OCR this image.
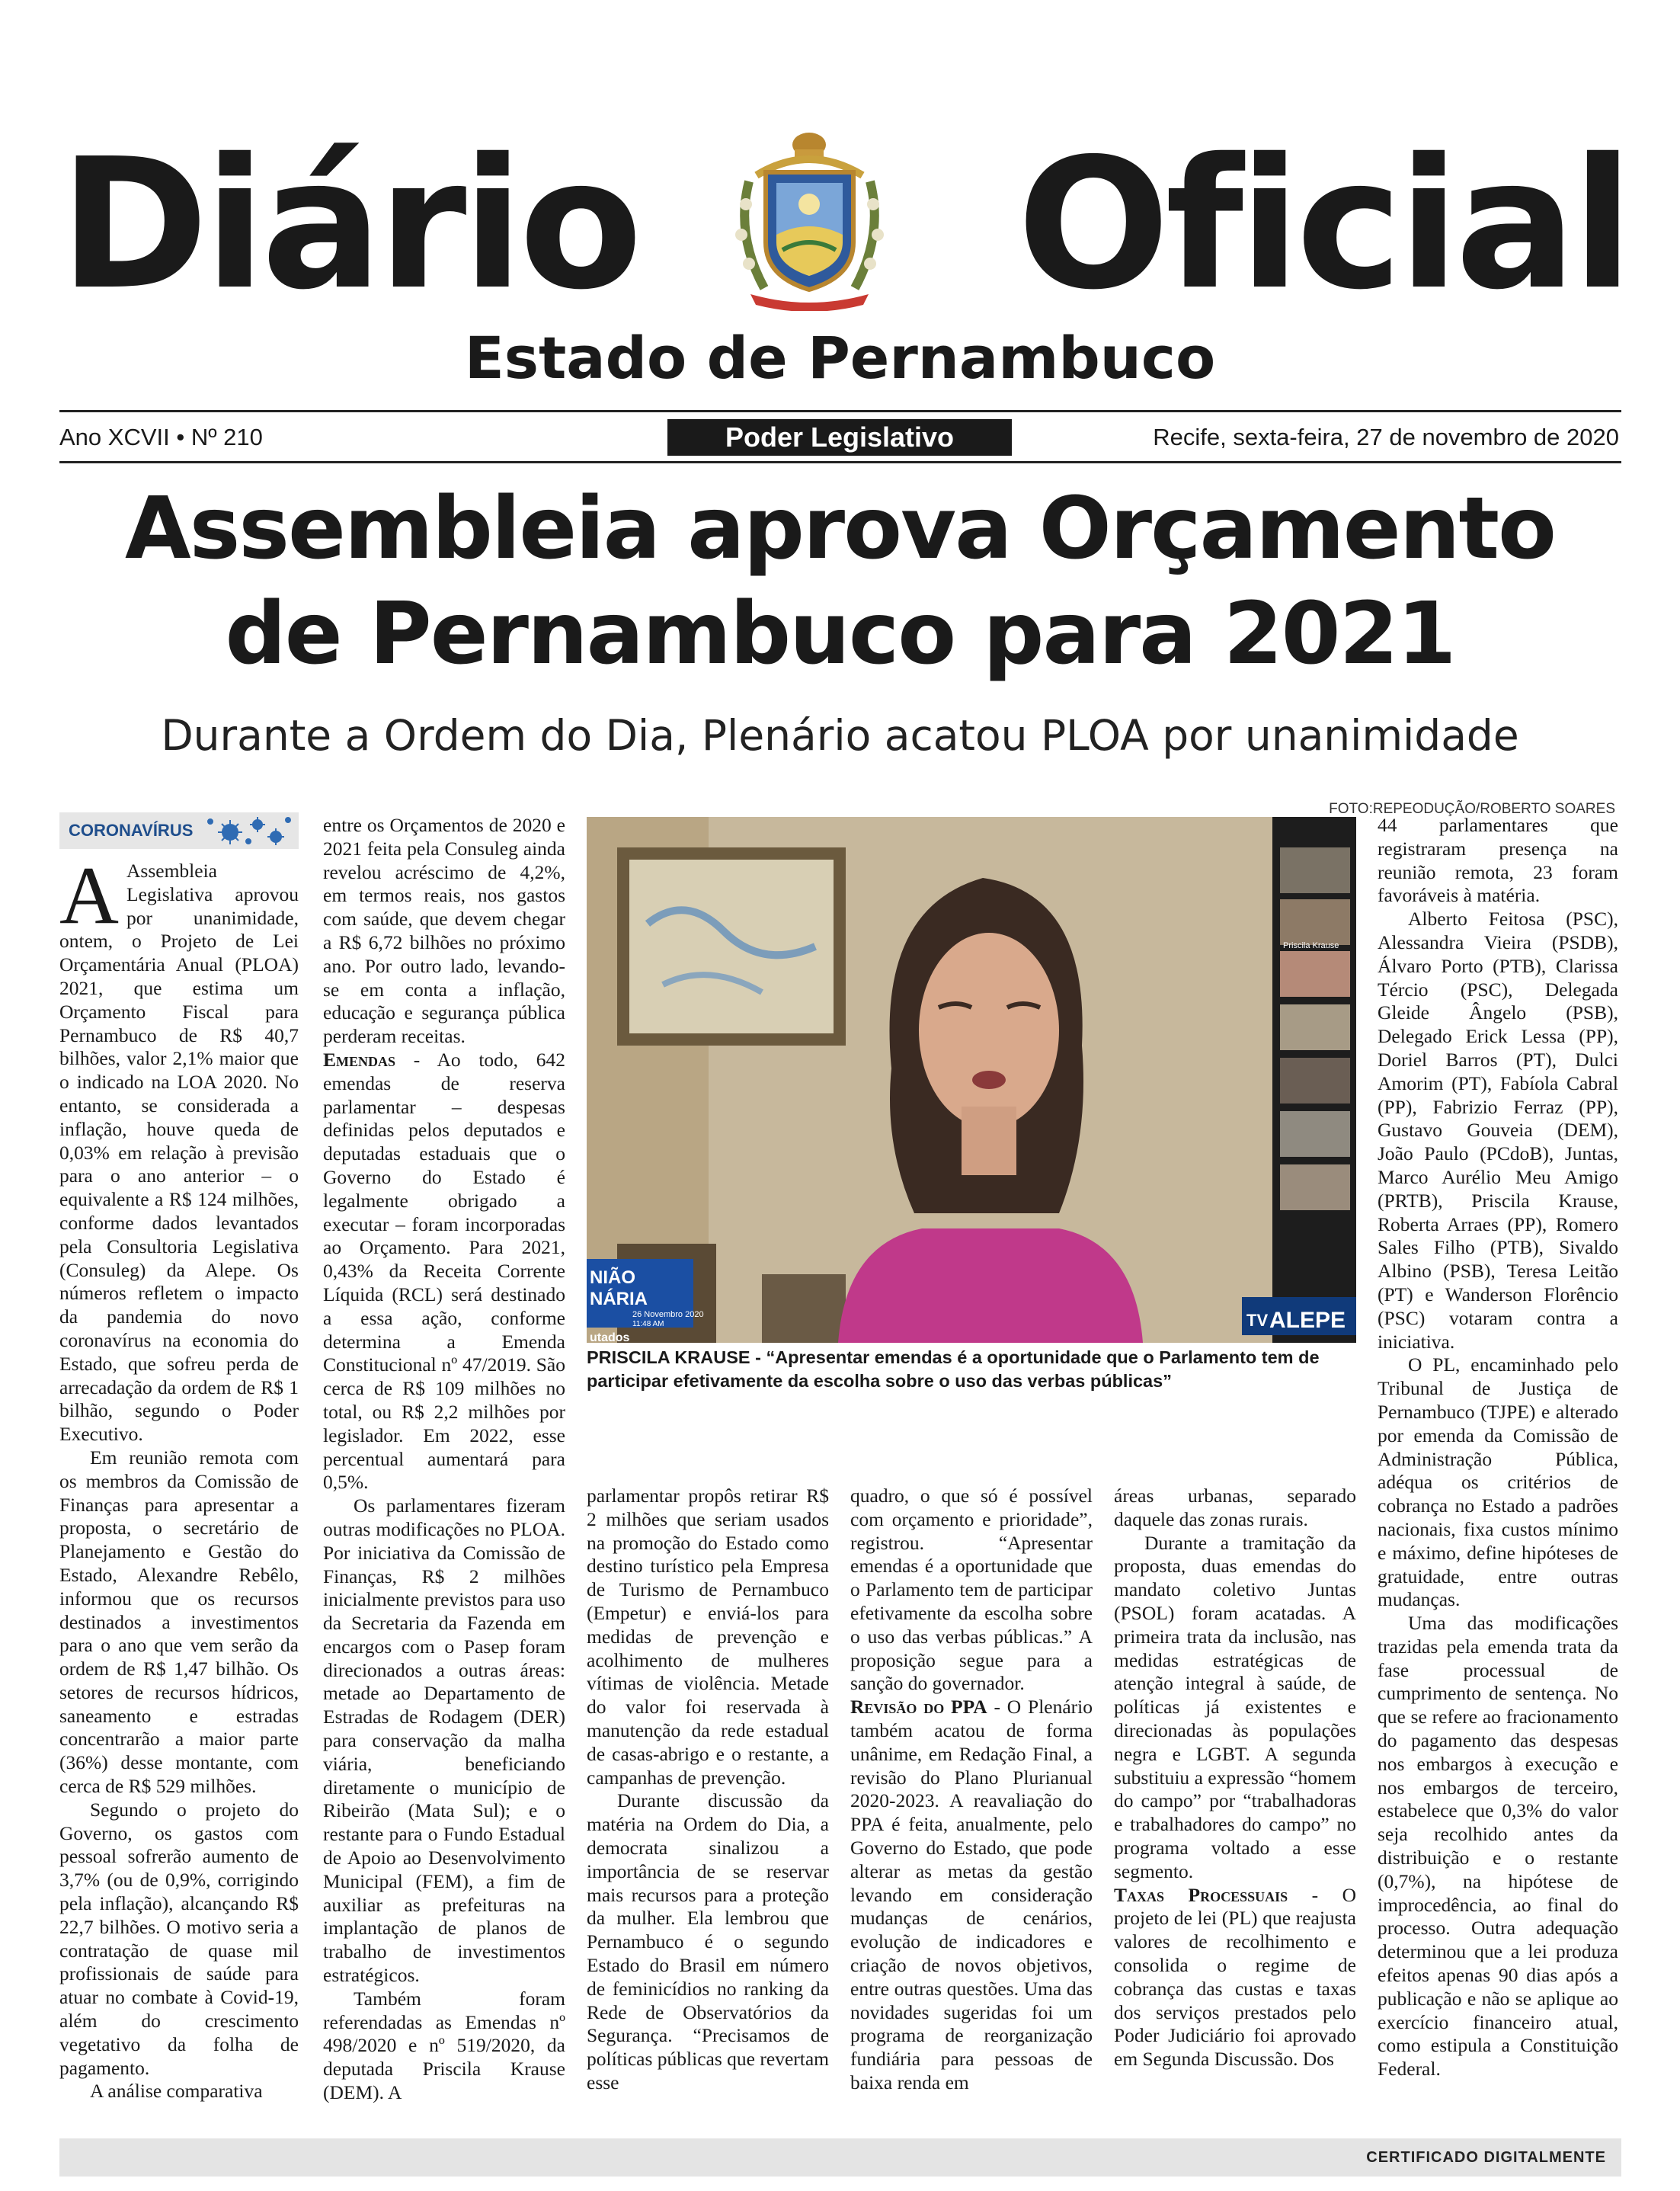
Diário Oficial
Estado de Pernambuco
Ano XCVII • Nº 210	Poder Legislativo	Recife, sexta-feira, 27 de novembro de 2020
Assembleia aprova Orçamento
de Pernambuco para 2021
Durante a Ordem do Dia, Plenário acatou PLOA por unanimidade
CORONAVÍRUS

A Assembleia Legislativa aprovou por unanimidade, ontem, o Projeto de Lei Orçamentária Anual (PLOA) 2021, que estima um Orçamento Fiscal para Pernambuco de R$ 40,7 bilhões, valor 2,1% maior que o indicado na LOA 2020. No entanto, se considerada a inflação, houve queda de 0,03% em relação à previsão para o ano anterior – o equivalente a R$ 124 milhões, conforme dados levantados pela Consultoria Legislativa (Consuleg) da Alepe. Os números refletem o impacto da pandemia do novo coronavírus na economia do Estado, que sofreu perda de arrecadação da ordem de R$ 1 bilhão, segundo o Poder Executivo.

Em reunião remota com os membros da Comissão de Finanças para apresentar a proposta, o secretário de Planejamento e Gestão do Estado, Alexandre Rebêlo, informou que os recursos destinados a investimentos para o ano que vem serão da ordem de R$ 1,47 bilhão. Os setores de recursos hídricos, saneamento e estradas concentrarão a maior parte (36%) desse montante, com cerca de R$ 529 milhões.

Segundo o projeto do Governo, os gastos com pessoal sofrerão aumento de 3,7% (ou de 0,9%, corrigindo pela inflação), alcançando R$ 22,7 bilhões. O motivo seria a contratação de quase mil profissionais de saúde para atuar no combate à Covid-19, além do crescimento vegetativo da folha de pagamento.

A análise comparativa

entre os Orçamentos de 2020 e 2021 feita pela Consuleg ainda revelou acréscimo de 4,2%, em termos reais, nos gastos com saúde, que devem chegar a R$ 6,72 bilhões no próximo ano. Por outro lado, levando-se em conta a inflação, educação e segurança pública perderam receitas.

Emendas - Ao todo, 642 emendas de reserva parlamentar – despesas definidas pelos deputados e deputadas estaduais que o Governo do Estado é legalmente obrigado a executar – foram incorporadas ao Orçamento. Para 2021, 0,43% da Receita Corrente Líquida (RCL) será destinado a essa ação, conforme determina a Emenda Constitucional nº 47/2019. São cerca de R$ 109 milhões no total, ou R$ 2,2 milhões por legislador. Em 2022, esse percentual aumentará para 0,5%.

Os parlamentares fizeram outras modificações no PLOA. Por iniciativa da Comissão de Finanças, R$ 2 milhões inicialmente previstos para uso da Secretaria da Fazenda em encargos com o Pasep foram direcionados a outras áreas: metade ao Departamento de Estradas de Rodagem (DER) para conservação da malha viária, beneficiando diretamente o município de Ribeirão (Mata Sul); e o restante para o Fundo Estadual de Apoio ao Desenvolvimento Municipal (FEM), a fim de auxiliar as prefeituras na implantação de planos de trabalho de investimentos estratégicos.

Também foram referendadas as Emendas nº 498/2020 e nº 519/2020, da deputada Priscila Krause (DEM). A

FOTO:REPEODUÇÃO/ROBERTO SOARES
Priscila Krause
NIÃO
NÁRIA
26 Novembro 2020
11:48 AM
utados
TV ALEPE
PRISCILA KRAUSE - “Apresentar emendas é a oportunidade que o Parlamento tem de participar efetivamente da escolha sobre o uso das verbas públicas”

parlamentar propôs retirar R$ 2 milhões que seriam usados na promoção do Estado como destino turístico pela Empresa de Turismo de Pernambuco (Empetur) e enviá-los para medidas de prevenção e acolhimento de mulheres vítimas de violência. Metade do valor foi reservada à manutenção da rede estadual de casas-abrigo e o restante, a campanhas de prevenção.

Durante discussão da matéria na Ordem do Dia, a democrata sinalizou a importância de se reservar mais recursos para a proteção da mulher. Ela lembrou que Pernambuco é o segundo Estado do Brasil em número de feminicídios no ranking da Rede de Observatórios da Segurança. “Precisamos de políticas públicas que revertam esse

quadro, o que só é possível com orçamento e prioridade”, registrou. “Apresentar emendas é a oportunidade que o Parlamento tem de participar efetivamente da escolha sobre o uso das verbas públicas.” A proposição segue para a sanção do governador.

Revisão do PPA - O Plenário também acatou de forma unânime, em Redação Final, a revisão do Plano Plurianual 2020-2023. A reavaliação do PPA é feita, anualmente, pelo Governo do Estado, que pode alterar as metas da gestão levando em consideração mudanças de cenários, evolução de indicadores e criação de novos objetivos, entre outras questões. Uma das novidades sugeridas foi um programa de reorganização fundiária para pessoas de baixa renda em

áreas urbanas, separado daquele das zonas rurais.

Durante a tramitação da proposta, duas emendas do mandato coletivo Juntas (PSOL) foram acatadas. A primeira trata da inclusão, nas medidas estratégicas de atenção integral à saúde, de políticas já existentes e direcionadas às populações negra e LGBT. A segunda substituiu a expressão “homem do campo” por “trabalhadoras e trabalhadores do campo” no programa voltado a esse segmento.

Taxas Processuais - O projeto de lei (PL) que reajusta valores de recolhimento e consolida o regime de cobrança das custas e taxas dos serviços prestados pelo Poder Judiciário foi aprovado em Segunda Discussão. Dos

44 parlamentares que registraram presença na reunião remota, 23 foram favoráveis à matéria.

Alberto Feitosa (PSC), Alessandra Vieira (PSDB), Álvaro Porto (PTB), Clarissa Tércio (PSC), Delegada Gleide Ângelo (PSB), Delegado Erick Lessa (PP), Doriel Barros (PT), Dulci Amorim (PT), Fabíola Cabral (PP), Fabrizio Ferraz (PP), Gustavo Gouveia (DEM), João Paulo (PCdoB), Juntas, Marco Aurélio Meu Amigo (PRTB), Priscila Krause, Roberta Arraes (PP), Romero Sales Filho (PTB), Sivaldo Albino (PSB), Teresa Leitão (PT) e Wanderson Florêncio (PSC) votaram contra a iniciativa.

O PL, encaminhado pelo Tribunal de Justiça de Pernambuco (TJPE) e alterado por emenda da Comissão de Administração Pública, adéqua os critérios de cobrança no Estado a padrões nacionais, fixa custos mínimo e máximo, define hipóteses de gratuidade, entre outras mudanças.

Uma das modificações trazidas pela emenda trata da fase processual de cumprimento de sentença. No que se refere ao fracionamento do pagamento das despesas nos embargos à execução e nos embargos de terceiro, estabelece que 0,3% do valor seja recolhido antes da distribuição e o restante (0,7%), na hipótese de improcedência, ao final do processo. Outra adequação determinou que a lei produza efeitos apenas 90 dias após a publicação e não se aplique ao exercício financeiro atual, como estipula a Constituição Federal.

CERTIFICADO DIGITALMENTE
